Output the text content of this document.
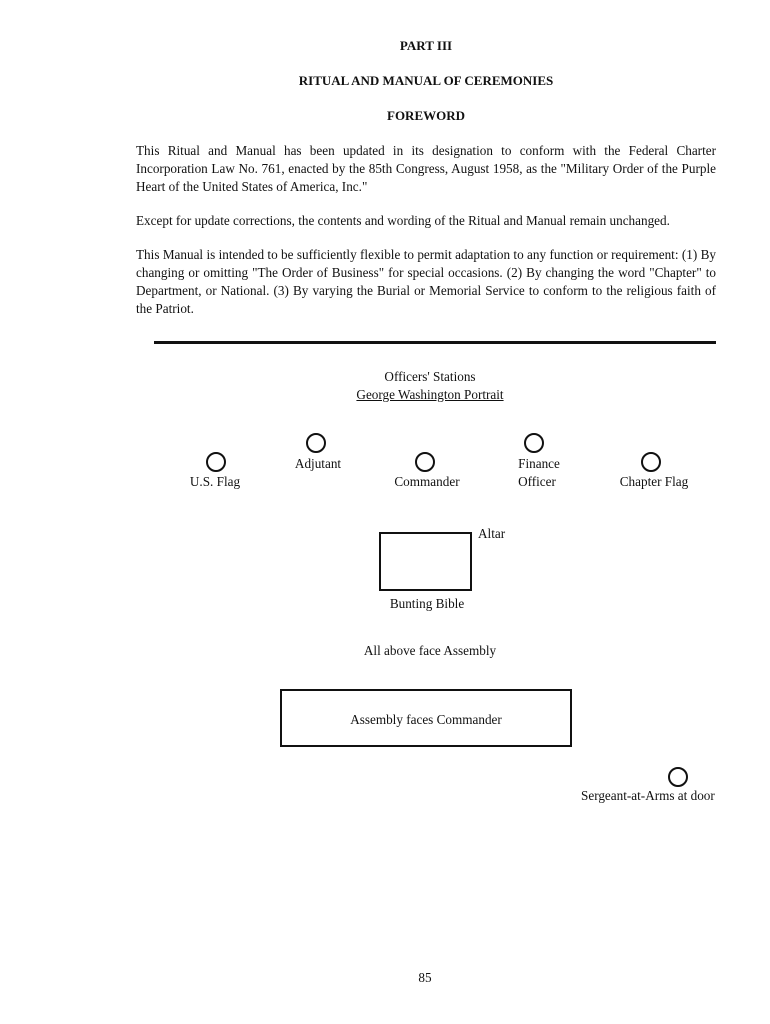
PART III
RITUAL AND MANUAL OF CEREMONIES
FOREWORD
This Ritual and Manual has been updated in its designation to conform with the Federal Charter Incorporation Law No. 761, enacted by the 85th Congress, August 1958, as the "Military Order of the Purple Heart of the United States of America, Inc."
Except for update corrections, the contents and wording of the Ritual and Manual remain unchanged.
This Manual is intended to be sufficiently flexible to permit adaptation to any function or requirement: (1) By changing or omitting "The Order of Business" for special occasions. (2) By changing the word "Chapter" to Department, or National. (3) By varying the Burial or Memorial Service to conform to the religious faith of the Patriot.
Officers' Stations
George Washington Portrait
Adjutant	Finance
U.S. Flag	Commander	Officer	Chapter Flag
Altar
Bunting Bible
All above face Assembly
Assembly faces Commander
Sergeant-at-Arms at door
85
